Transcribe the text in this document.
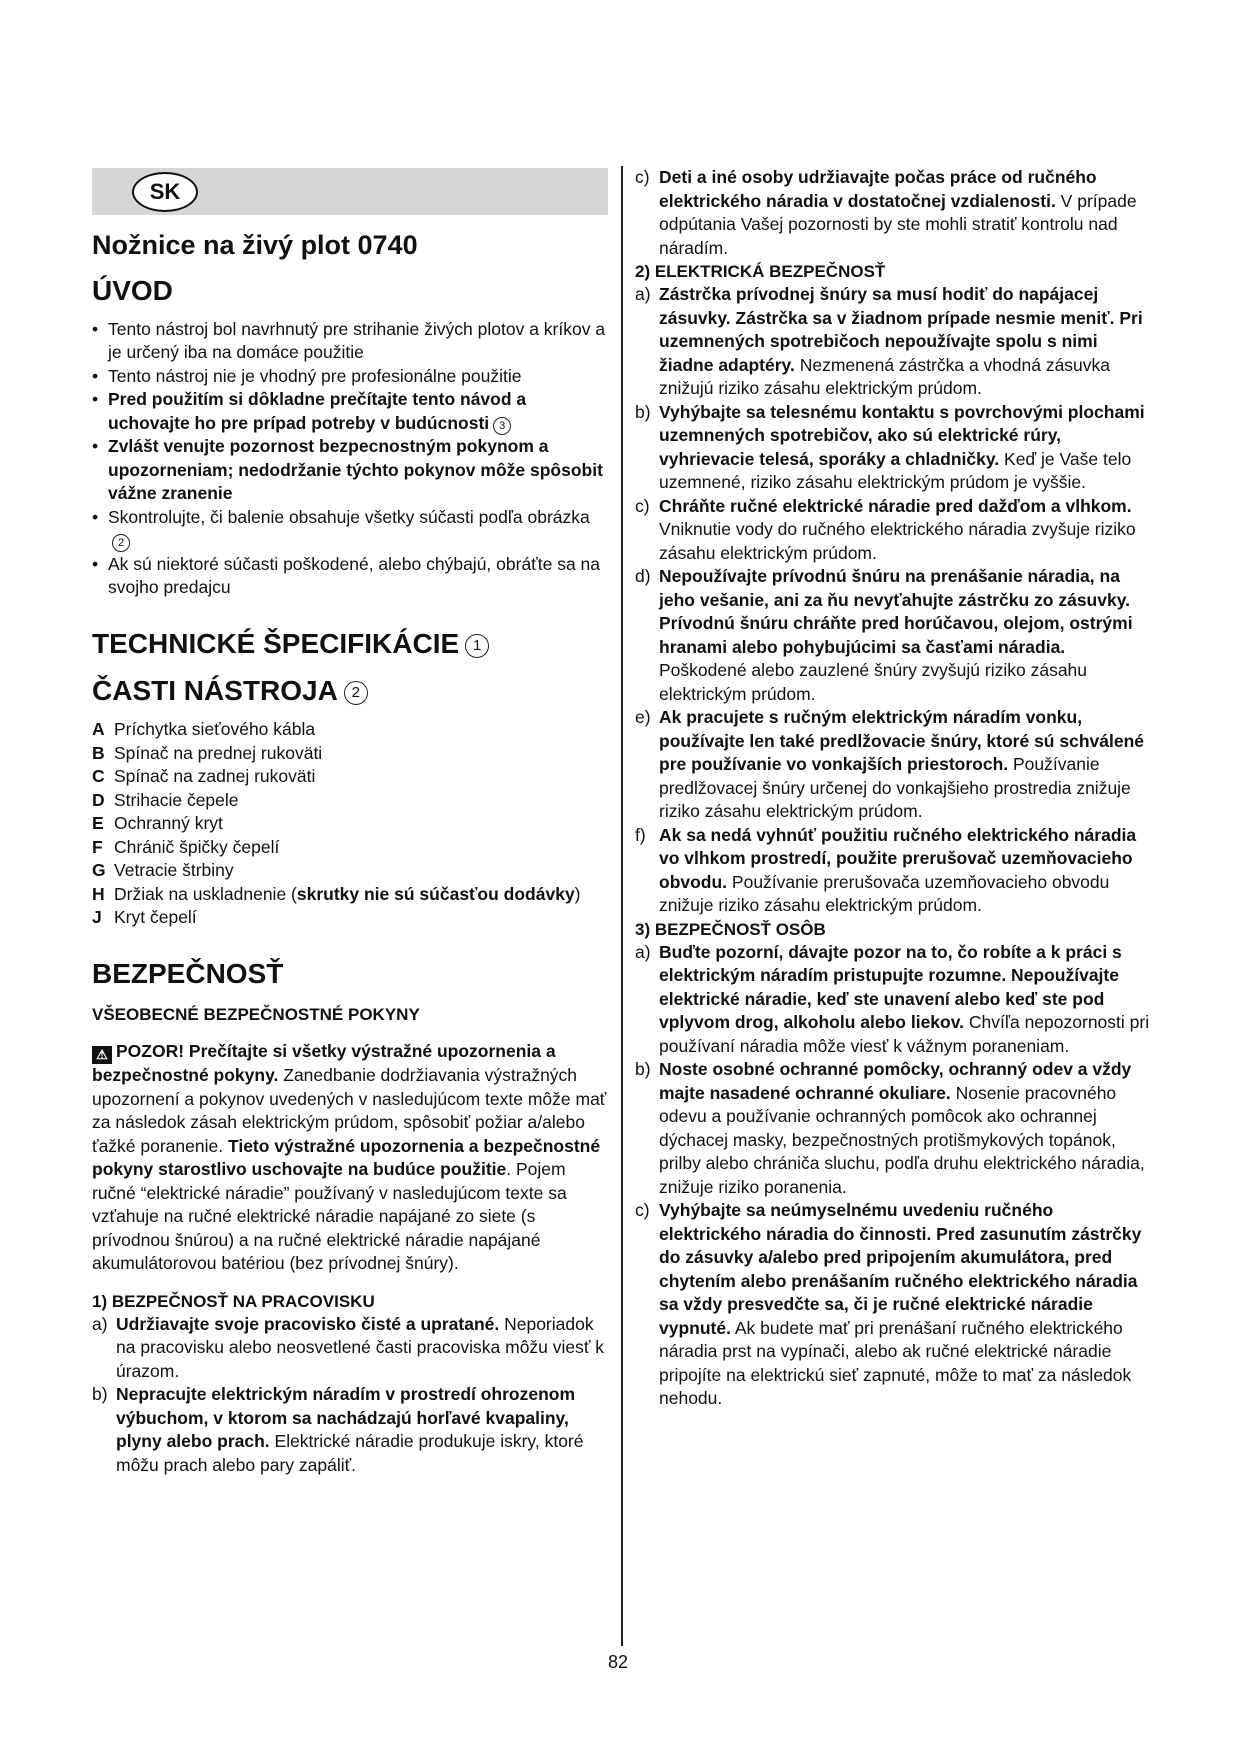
SK
Nožnice na živý plot 0740
ÚVOD
• Tento nástroj bol navrhnutý pre strihanie živých plotov a kríkov a je určený iba na domáce použitie
• Tento nástroj nie je vhodný pre profesionálne použitie
• Pred použitím si dôkladne prečítajte tento návod a uchovajte ho pre prípad potreby v budúcnosti 3
• Zvlášt venujte pozornost bezpecnostným pokynom a upozorneniam; nedodržanie týchto pokynov môže spôsobit vážne zranenie
• Skontrolujte, či balenie obsahuje všetky súčasti podľa obrázka2
• Ak sú niektoré súčasti poškodené, alebo chýbajú, obráťte sa na svojho predajcu
TECHNICKÉ ŠPECIFIKÁCIE 1
ČASTI NÁSTROJA 2
A Príchytka sieťového kábla
B Spínač na prednej rukoväti
C Spínač na zadnej rukoväti
D Strihacie čepele
E Ochranný kryt
F Chránič špičky čepelí
G Vetracie štrbiny
H Držiak na uskladnenie (skrutky nie sú súčasťou dodávky)
J Kryt čepelí
BEZPEČNOSŤ
VŠEOBECNÉ BEZPEČNOSTNÉ POKYNY
⚠ POZOR! Prečítajte si všetky výstražné upozornenia a bezpečnostné pokyny. Zanedbanie dodržiavania výstražných upozornení a pokynov uvedených v nasledujúcom texte môže mať za následok zásah elektrickým prúdom, spôsobiť požiar a/alebo ťažké poranenie. Tieto výstražné upozornenia a bezpečnostné pokyny starostlivo uschovajte na budúce použitie. Pojem ručné “elektrické náradie” používaný v nasledujúcom texte sa vzťahuje na ručné elektrické náradie napájané zo siete (s prívodnou šnúrou) a na ručné elektrické náradie napájané akumulátorovou batériou (bez prívodnej šnúry).
1) BEZPEČNOSŤ NA PRACOVISKU
a) Udržiavajte svoje pracovisko čisté a upratané. Neporiadok na pracovisku alebo neosvetlené časti pracoviska môžu viesť k úrazom.
b) Nepracujte elektrickým náradím v prostredí ohrozenom výbuchom, v ktorom sa nachádzajú horľavé kvapaliny, plyny alebo prach. Elektrické náradie produkuje iskry, ktoré môžu prach alebo pary zapáliť.
c) Deti a iné osoby udržiavajte počas práce od ručného elektrického náradia v dostatočnej vzdialenosti. V prípade odpútania Vašej pozornosti by ste mohli stratiť kontrolu nad náradím.
2) ELEKTRICKÁ BEZPEČNOSŤ
a) Zástrčka prívodnej šnúry sa musí hodiť do napájacej zásuvky. Zástrčka sa v žiadnom prípade nesmie meniť. Pri uzemnených spotrebičoch nepoužívajte spolu s nimi žiadne adaptéry. Nezmenená zástrčka a vhodná zásuvka znižujú riziko zásahu elektrickým prúdom.
b) Vyhýbajte sa telesnému kontaktu s povrchovými plochami uzemnených spotrebičov, ako sú elektrické rúry, vyhrievacie telesá, sporáky a chladničky. Keď je Vaše telo uzemnené, riziko zásahu elektrickým prúdom je vyššie.
c) Chráňte ručné elektrické náradie pred dažďom a vlhkom. Vniknutie vody do ručného elektrického náradia zvyšuje riziko zásahu elektrickým prúdom.
d) Nepoužívajte prívodnú šnúru na prenášanie náradia, na jeho vešanie, ani za ňu nevyťahujte zástrčku zo zásuvky. Prívodnú šnúru chráňte pred horúčavou, olejom, ostrými hranami alebo pohybujúcimi sa časťami náradia. Poškodené alebo zauzlené šnúry zvyšujú riziko zásahu elektrickým prúdom.
e) Ak pracujete s ručným elektrickým náradím vonku, používajte len také predlžovacie šnúry, ktoré sú schválené pre používanie vo vonkajších priestoroch. Používanie predlžovacej šnúry určenej do vonkajšieho prostredia znižuje riziko zásahu elektrickým prúdom.
f) Ak sa nedá vyhnúť použitiu ručného elektrického náradia vo vlhkom prostredí, použite prerušovač uzemňovacieho obvodu. Používanie prerušovača uzemňovacieho obvodu znižuje riziko zásahu elektrickým prúdom.
3) BEZPEČNOSŤ OSÔB
a) Buďte pozorní, dávajte pozor na to, čo robíte a k práci s elektrickým náradím pristupujte rozumne. Nepoužívajte elektrické náradie, keď ste unavení alebo keď ste pod vplyvom drog, alkoholu alebo liekov. Chvíľa nepozornosti pri používaní náradia môže viesť k vážnym poraneniam.
b) Noste osobné ochranné pomôcky, ochranný odev a vždy majte nasadené ochranné okuliare. Nosenie pracovného odevu a používanie ochranných pomôcok ako ochrannej dýchacej masky, bezpečnostných protišmykových topánok, prilby alebo chrániča sluchu, podľa druhu elektrického náradia, znižuje riziko poranenia.
c) Vyhýbajte sa neúmyselnému uvedeniu ručného elektrického náradia do činnosti. Pred zasunutím zástrčky do zásuvky a/alebo pred pripojením akumulátora, pred chytením alebo prenášaním ručného elektrického náradia sa vždy presvedčte sa, či je ručné elektrické náradie vypnuté. Ak budete mať pri prenášaní ručného elektrického náradia prst na vypínači, alebo ak ručné elektrické náradie pripojíte na elektrickú sieť zapnuté, môže to mať za následok nehodu.
82
